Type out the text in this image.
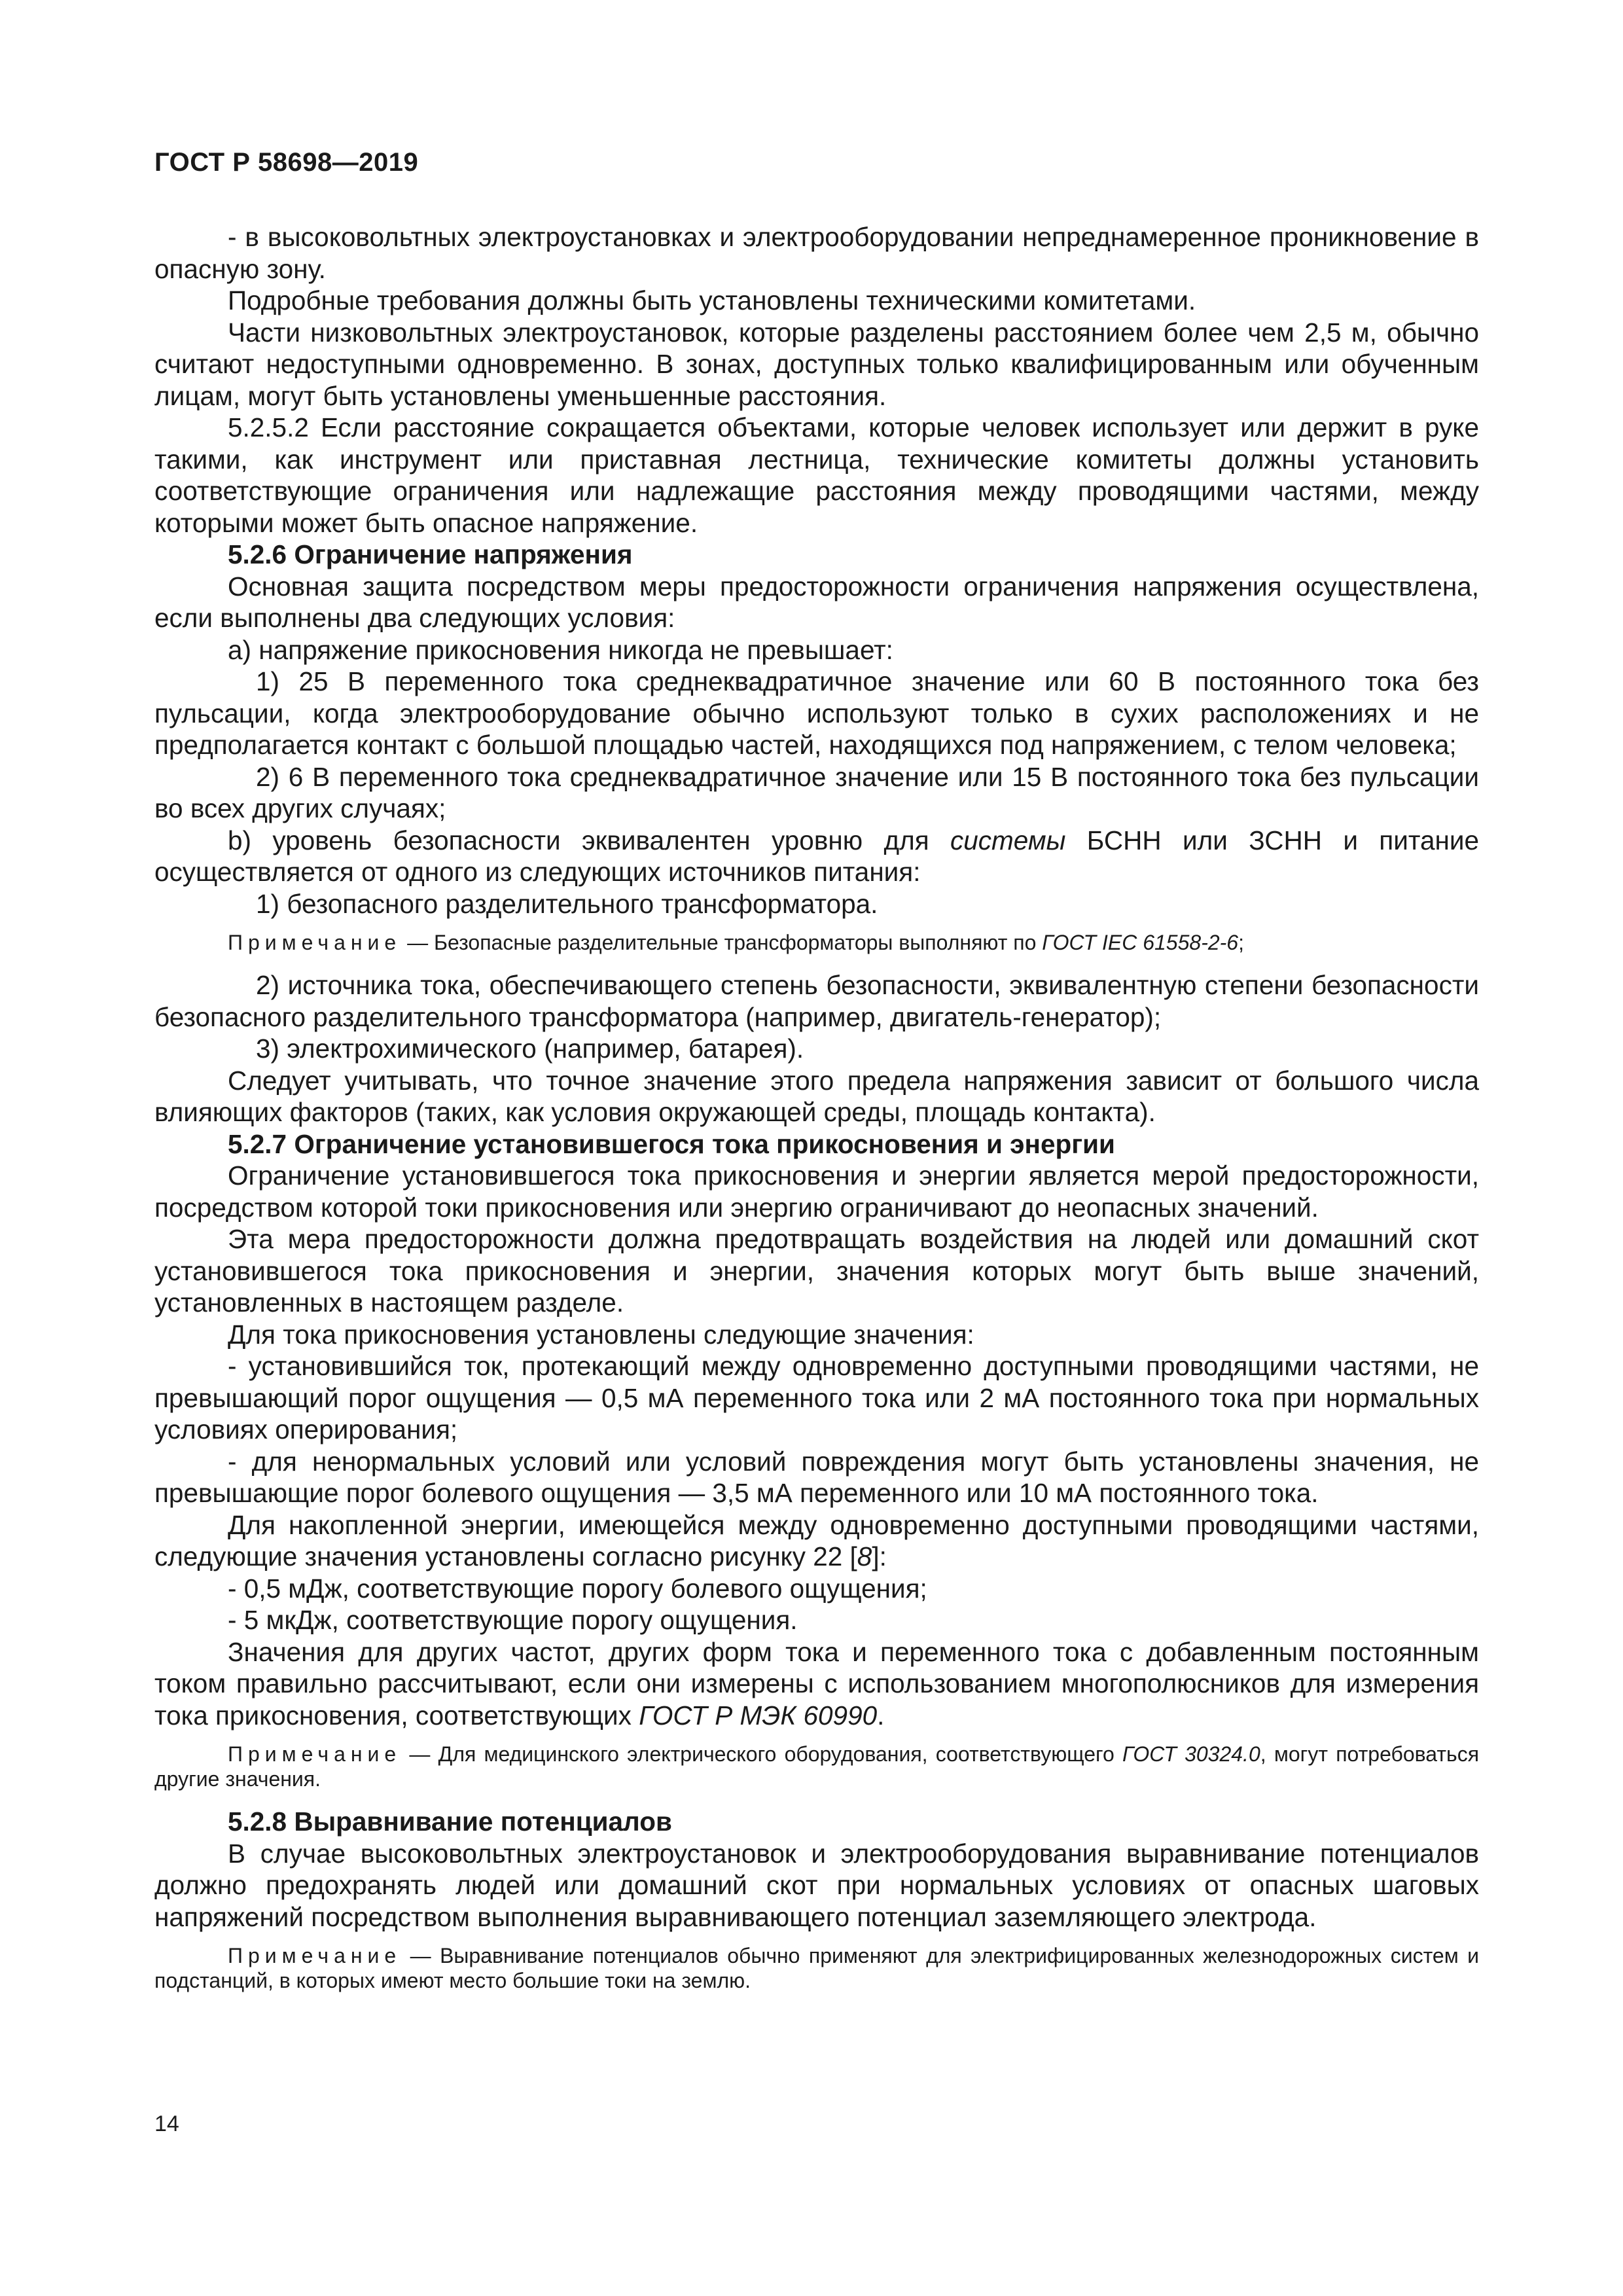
ГОСТ Р 58698—2019

- в высоковольтных электроустановках и электрооборудовании непреднамеренное проникновение в опасную зону.

Подробные требования должны быть установлены техническими комитетами.

Части низковольтных электроустановок, которые разделены расстоянием более чем 2,5 м, обычно считают недоступными одновременно. В зонах, доступных только квалифицированным или обученным лицам, могут быть установлены уменьшенные расстояния.

5.2.5.2 Если расстояние сокращается объектами, которые человек использует или держит в руке такими, как инструмент или приставная лестница, технические комитеты должны установить соответствующие ограничения или надлежащие расстояния между проводящими частями, между которыми может быть опасное напряжение.

5.2.6 Ограничение напряжения

Основная защита посредством меры предосторожности ограничения напряжения осуществлена, если выполнены два следующих условия:

a) напряжение прикосновения никогда не превышает:

1) 25 В переменного тока среднеквадратичное значение или 60 В постоянного тока без пульсации, когда электрооборудование обычно используют только в сухих расположениях и не предполагается контакт с большой площадью частей, находящихся под напряжением, с телом человека;

2) 6 В переменного тока среднеквадратичное значение или 15 В постоянного тока без пульсации во всех других случаях;

b) уровень безопасности эквивалентен уровню для системы БСНН или ЗСНН и питание осуществляется от одного из следующих источников питания:

1) безопасного разделительного трансформатора.

Примечание — Безопасные разделительные трансформаторы выполняют по ГОСТ IEC 61558-2-6;

2) источника тока, обеспечивающего степень безопасности, эквивалентную степени безопасности безопасного разделительного трансформатора (например, двигатель-генератор);

3) электрохимического (например, батарея).

Следует учитывать, что точное значение этого предела напряжения зависит от большого числа влияющих факторов (таких, как условия окружающей среды, площадь контакта).

5.2.7 Ограничение установившегося тока прикосновения и энергии

Ограничение установившегося тока прикосновения и энергии является мерой предосторожности, посредством которой токи прикосновения или энергию ограничивают до неопасных значений.

Эта мера предосторожности должна предотвращать воздействия на людей или домашний скот установившегося тока прикосновения и энергии, значения которых могут быть выше значений, установленных в настоящем разделе.

Для тока прикосновения установлены следующие значения:

- установившийся ток, протекающий между одновременно доступными проводящими частями, не превышающий порог ощущения — 0,5 мА переменного тока или 2 мА постоянного тока при нормальных условиях оперирования;

- для ненормальных условий или условий повреждения могут быть установлены значения, не превышающие порог болевого ощущения — 3,5 мА переменного или 10 мА постоянного тока.

Для накопленной энергии, имеющейся между одновременно доступными проводящими частями, следующие значения установлены согласно рисунку 22 [8]:

- 0,5 мДж, соответствующие порогу болевого ощущения;

- 5 мкДж, соответствующие порогу ощущения.

Значения для других частот, других форм тока и переменного тока с добавленным постоянным током правильно рассчитывают, если они измерены с использованием многополюсников для измерения тока прикосновения, соответствующих ГОСТ Р МЭК 60990.

Примечание — Для медицинского электрического оборудования, соответствующего ГОСТ 30324.0, могут потребоваться другие значения.

5.2.8 Выравнивание потенциалов

В случае высоковольтных электроустановок и электрооборудования выравнивание потенциалов должно предохранять людей или домашний скот при нормальных условиях от опасных шаговых напряжений посредством выполнения выравнивающего потенциал заземляющего электрода.

Примечание — Выравнивание потенциалов обычно применяют для электрифицированных железнодорожных систем и подстанций, в которых имеют место большие токи на землю.

14
